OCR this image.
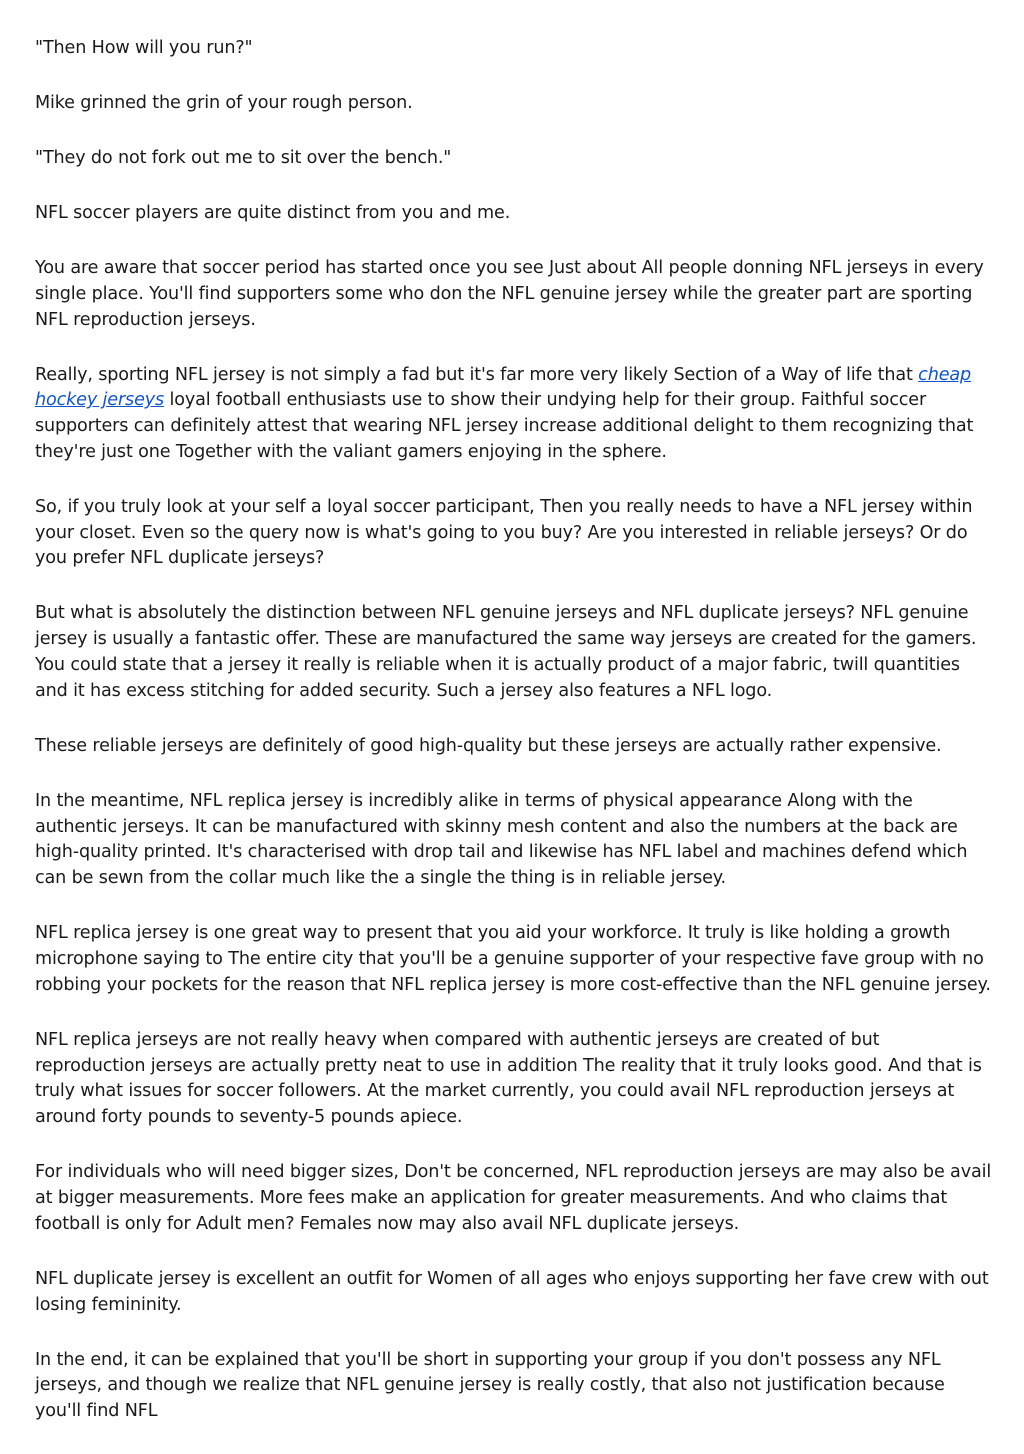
"Then How will you run?"

Mike grinned the grin of your rough person.

"They do not fork out me to sit over the bench."

NFL soccer players are quite distinct from you and me.

You are aware that soccer period has started once you see Just about All people donning NFL jerseys in every single place. You'll find supporters some who don the NFL genuine jersey while the greater part are sporting NFL reproduction jerseys.

Really, sporting NFL jersey is not simply a fad but it's far more very likely Section of a Way of life that cheap hockey jerseys loyal football enthusiasts use to show their undying help for their group. Faithful soccer supporters can definitely attest that wearing NFL jersey increase additional delight to them recognizing that they're just one Together with the valiant gamers enjoying in the sphere.

So, if you truly look at your self a loyal soccer participant, Then you really needs to have a NFL jersey within your closet. Even so the query now is what's going to you buy? Are you interested in reliable jerseys? Or do you prefer NFL duplicate jerseys?

But what is absolutely the distinction between NFL genuine jerseys and NFL duplicate jerseys? NFL genuine jersey is usually a fantastic offer. These are manufactured the same way jerseys are created for the gamers. You could state that a jersey it really is reliable when it is actually product of a major fabric, twill quantities and it has excess stitching for added security. Such a jersey also features a NFL logo.

These reliable jerseys are definitely of good high-quality but these jerseys are actually rather expensive.

In the meantime, NFL replica jersey is incredibly alike in terms of physical appearance Along with the authentic jerseys. It can be manufactured with skinny mesh content and also the numbers at the back are high-quality printed. It's characterised with drop tail and likewise has NFL label and machines defend which can be sewn from the collar much like the a single the thing is in reliable jersey.

NFL replica jersey is one great way to present that you aid your workforce. It truly is like holding a growth microphone saying to The entire city that you'll be a genuine supporter of your respective fave group with no robbing your pockets for the reason that NFL replica jersey is more cost-effective than the NFL genuine jersey.

NFL replica jerseys are not really heavy when compared with authentic jerseys are created of but reproduction jerseys are actually pretty neat to use in addition The reality that it truly looks good. And that is truly what issues for soccer followers. At the market currently, you could avail NFL reproduction jerseys at around forty pounds to seventy-5 pounds apiece.

For individuals who will need bigger sizes, Don't be concerned, NFL reproduction jerseys are may also be avail at bigger measurements. More fees make an application for greater measurements. And who claims that football is only for Adult men? Females now may also avail NFL duplicate jerseys.

NFL duplicate jersey is excellent an outfit for Women of all ages who enjoys supporting her fave crew with out losing femininity.

In the end, it can be explained that you'll be short in supporting your group if you don't possess any NFL jerseys, and though we realize that NFL genuine jersey is really costly, that also not justification because you'll find NFL
